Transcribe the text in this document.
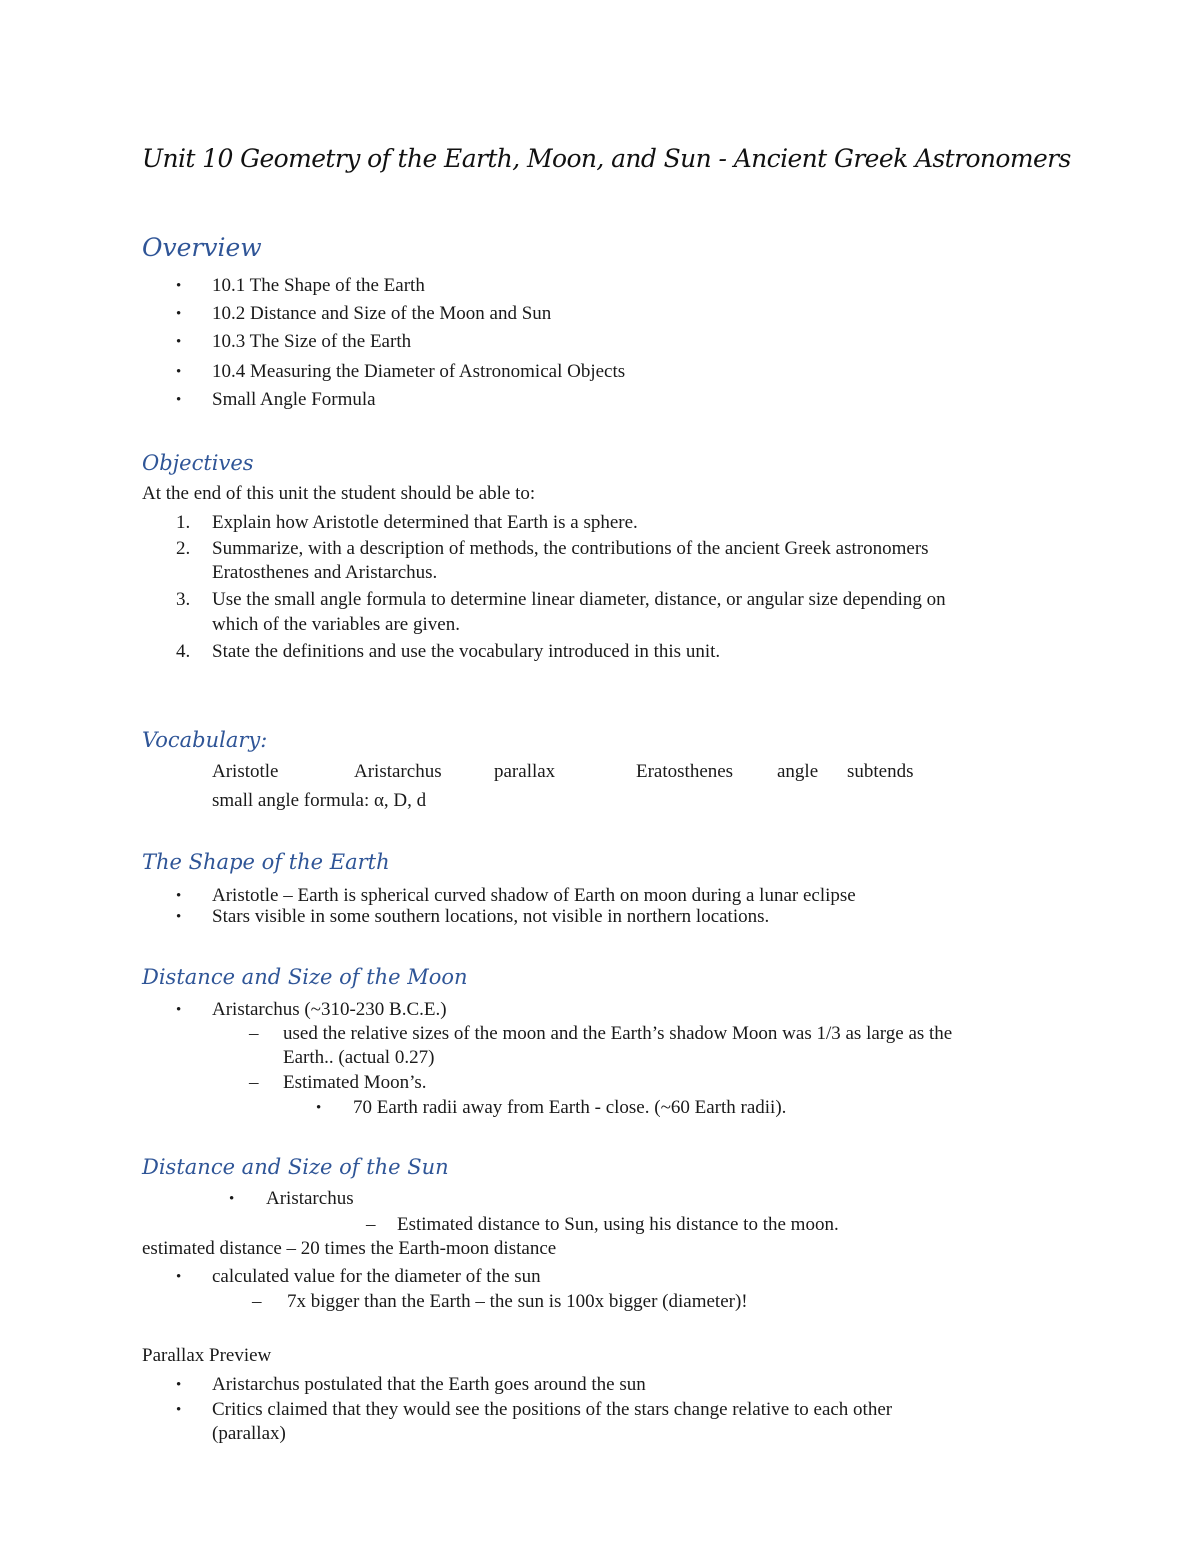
Unit 10 Geometry of the Earth, Moon, and Sun - Ancient Greek Astronomers
Overview
• 10.1 The Shape of the Earth
• 10.2 Distance and Size of the Moon and Sun
• 10.3 The Size of the Earth
• 10.4 Measuring the Diameter of Astronomical Objects
• Small Angle Formula
Objectives
At the end of this unit the student should be able to:
1. Explain how Aristotle determined that Earth is a sphere.
2. Summarize, with a description of methods, the contributions of the ancient Greek astronomers
Eratosthenes and Aristarchus.
3. Use the small angle formula to determine linear diameter, distance, or angular size depending on
which of the variables are given.
4. State the definitions and use the vocabulary introduced in this unit.
Vocabulary:
Aristotle	Aristarchus	parallax	Eratosthenes angle subtends
small angle formula: α, D, d
The Shape of the Earth
• Aristotle – Earth is spherical curved shadow of Earth on moon during a lunar eclipse
• Stars visible in some southern locations, not visible in northern locations.
Distance and Size of the Moon
• Aristarchus (~310-230 B.C.E.)
– used the relative sizes of the moon and the Earth’s shadow Moon was 1/3 as large as the
Earth.. (actual 0.27)
– Estimated Moon’s.
• 70 Earth radii away from Earth - close. (~60 Earth radii).
Distance and Size of the Sun
• Aristarchus
– Estimated distance to Sun, using his distance to the moon.
estimated distance – 20 times the Earth-moon distance
• calculated value for the diameter of the sun
– 7x bigger than the Earth – the sun is 100x bigger (diameter)!
Parallax Preview
• Aristarchus postulated that the Earth goes around the sun
• Critics claimed that they would see the positions of the stars change relative to each other
(parallax)
